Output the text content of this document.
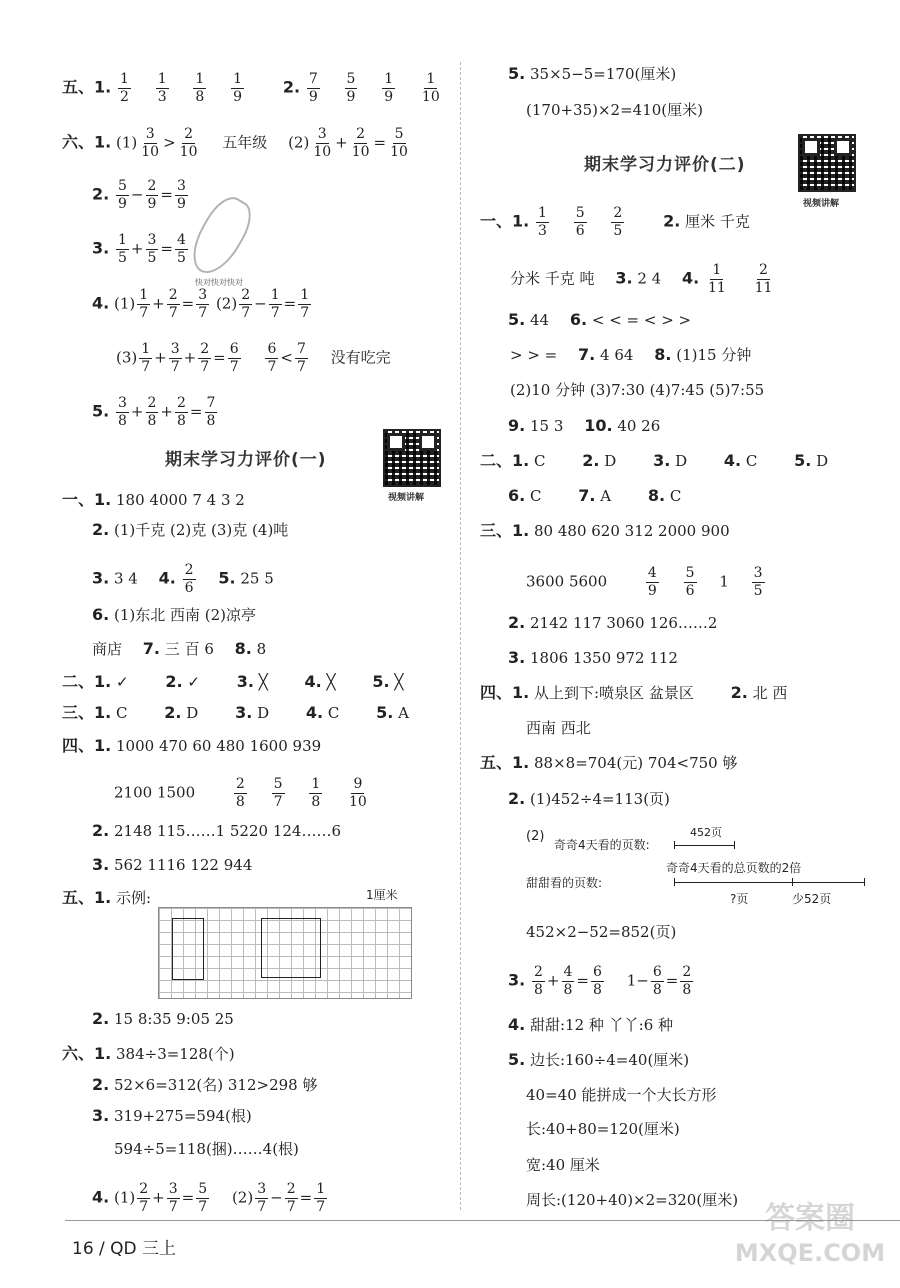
五、1. $\frac{1}{2}$
$\frac{1}{3}$
$\frac{1}{8}$
$\frac{1}{9} 2$. $\frac{7}{9}$
$\frac{5}{9}$
$\frac{1}{9}$
$\frac{1}{10}$
六、1. $(1) \frac{3}{10} > \frac{2}{10}$ 五年级 $(2) \frac{3}{10} + \frac{2}{10} = \frac{5}{10}$
2. $\frac{5}{9} - \frac{2}{9} = \frac{3}{9}$
3. $\frac{1}{5} + \frac{3}{5} = \frac{4}{5}$
快对快对快对
4. $(1) \frac{1}{7} + \frac{2}{7} = \frac{3}{7} (2) \frac{2}{7} - \frac{1}{7} = \frac{1}{7}$
$(3) \frac{1}{7} + \frac{3}{7} + \frac{2}{7} = \frac{6}{7}$
$\frac{6}{7} < \frac{7}{7}$ 没有吃完
5. $\frac{3}{8} + \frac{2}{8} + \frac{2}{8} = \frac{7}{8}$
期末学习力评价(一)
视频讲解
一、1. 180 4000 7 4 3 2
2. (1)千克 (2)克 (3)克 (4)吨
3. 3 4 4. $\frac{2}{6} 5$. 25 5
6. (1)东北 西南 (2)凉亭
商店 7. 三 百 6 8. 8
二、1. ✓ 2. ✓ 3. ╳ 4. ╳ 5. ╳
三、1. C 2. D 3. D 4. C 5. A
四、1. 1000 470 60 480 1600 939
2100 1500	$\frac{2}{8}$
$\frac{5}{7}$
$\frac{1}{8}$
$\frac{9}{10}$
2. 2148 115……1 5220 124……6
3. 562 1116 122 944
五、1. 示例:	1厘米
2. 15 8:35 9:05 25
六、1. 384÷3=128(个)
2. 52×6=312(名) 312>298 够
3. 319+275=594(根)
594÷5=118(捆)……4(根)
4. $(1) \frac{2}{7} + \frac{3}{7} = \frac{5}{7} (2) \frac{3}{7} - \frac{2}{7} = \frac{1}{7}$
5. 35×5−5=170(厘米)
(170+35)×2=410(厘米)
期末学习力评价(二)
视频讲解
一、1. $\frac{1}{3}$
$\frac{5}{6}$
$\frac{2}{5} 2$. 厘米 千克
分米 千克 吨 3. 2 4 4. $\frac{1}{11}$
$\frac{2}{11}$
5. 44 6. < < = < > >
> > = 7. 4 64 8. (1)15 分钟
(2)10 分钟 (3)7:30 (4)7:45 (5)7:55
9. 15 3 10. 40 26
二、1. C 2. D 3. D 4. C 5. D
6. C 7. A 8. C
三、1. 80 480 620 312 2000 900
3600 5600	$\frac{4}{9}$
$\frac{5}{6} 1 \frac{3}{5}$
2. 2142 117 3060 126……2
3. 1806 1350 972 112
四、1. 从上到下:喷泉区 盆景区 2. 北 西
西南 西北
五、1. 88×8=704(元) 704<750 够
2. (1)452÷4=113(页)
(2)
奇奇4天看的页数:
452页
奇奇4天看的总页数的2倍
甜甜看的页数:
?页	少52页
452×2−52=852(页)
3. $\frac{2}{8} + \frac{4}{8} = \frac{6}{8} 1- \frac{6}{8} = \frac{2}{8}$
4. 甜甜:12 种 丫丫:6 种
5. 边长:160÷4=40(厘米)
40=40 能拼成一个大长方形
长:40+80=120(厘米)
宽:40 厘米
周长:(120+40)×2=320(厘米)
16 / QD 三上
答案圈
MXQE.COM
